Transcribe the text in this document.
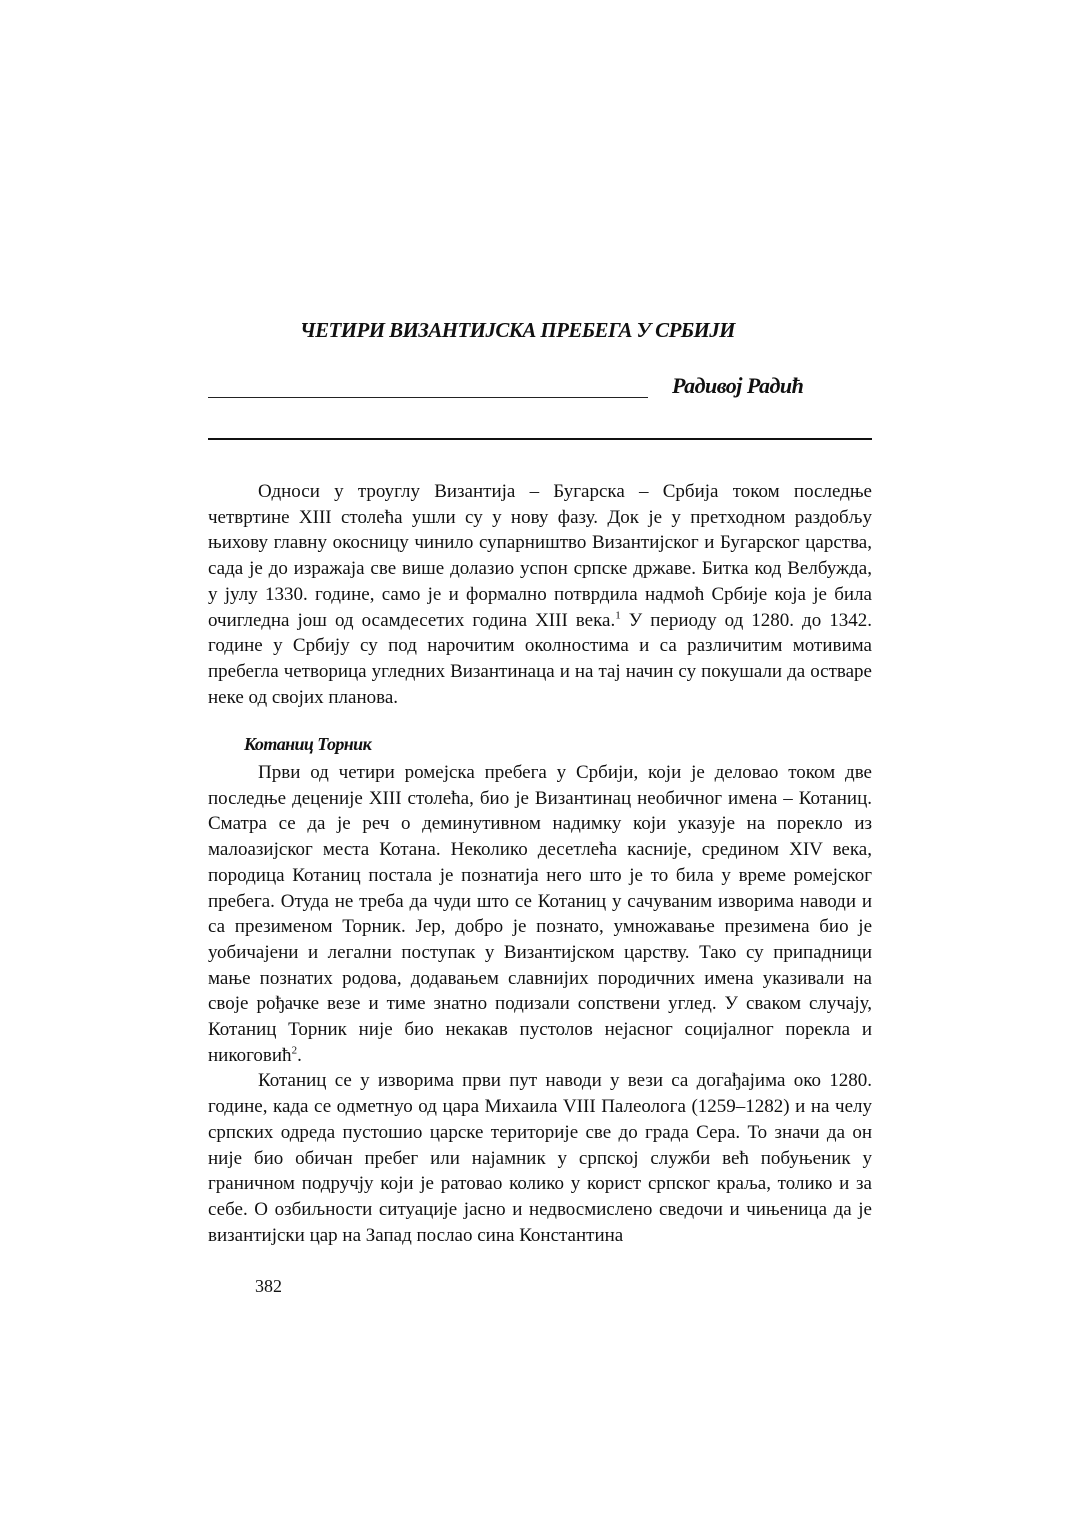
ЧЕТИРИ ВИЗАНТИЈСКА ПРЕБЕГА У СРБИЈИ
Радивој Радић

Односи у троуглу Византија – Бугарска – Србија током последње четвртине XIII столећа ушли су у нову фазу. Док је у претходном раздобљу њихову главну окосницу чинило супарништво Византијског и Бугарског царства, сада је до изражаја све више долазио успон српске државе. Битка код Велбужда, у јулу 1330. године, само је и формално потврдила надмоћ Србије која је била очигледна још од осамдесетих година XIII века.$^1$ У периоду од 1280. до 1342. године у Србију су под нарочитим околностима и са различитим мотивима пребегла четворица угледних Византинаца и на тај начин су покушали да остваре неке од својих планова.

Котаниц Торник

Први од четири ромејска пребега у Србији, који је деловао током две последње деценије XIII столећа, био је Византинац необичног имена – Котаниц. Сматра се да је реч о деминутивном надимку који указује на порекло из малоазијског места Котана. Неколико десетлећа касније, средином XIV века, породица Котаниц постала је познатија него што је то била у време ромејског пребега. Отуда не треба да чуди што се Котаниц у сачуваним изворима наводи и са презименом Торник. Јер, добро је познато, умножавање презимена био је уобичајени и легални поступак у Византијском царству. Тако су припадници мање познатих родова, додавањем славнијих породичних имена указивали на своје рођачке везе и тиме знатно подизали сопствени углед. У сваком случају, Котаниц Торник није био некакав пустолов нејасног социјалног порекла и никоговић$^2$.

Котаниц се у изворима први пут наводи у вези са догађајима око 1280. године, када се одметнуо од цара Михаила VIII Палеолога (1259–1282) и на челу српских одреда пустошио царске територије све до града Сера. То значи да он није био обичан пребег или најамник у српској служби већ побуњеник у граничном подручју који је ратовао колико у корист српског краља, толико и за себе. О озбиљности ситуације јасно и недвосмислено сведочи и чињеница да је византијски цар на Запад послао сина Константина

382
